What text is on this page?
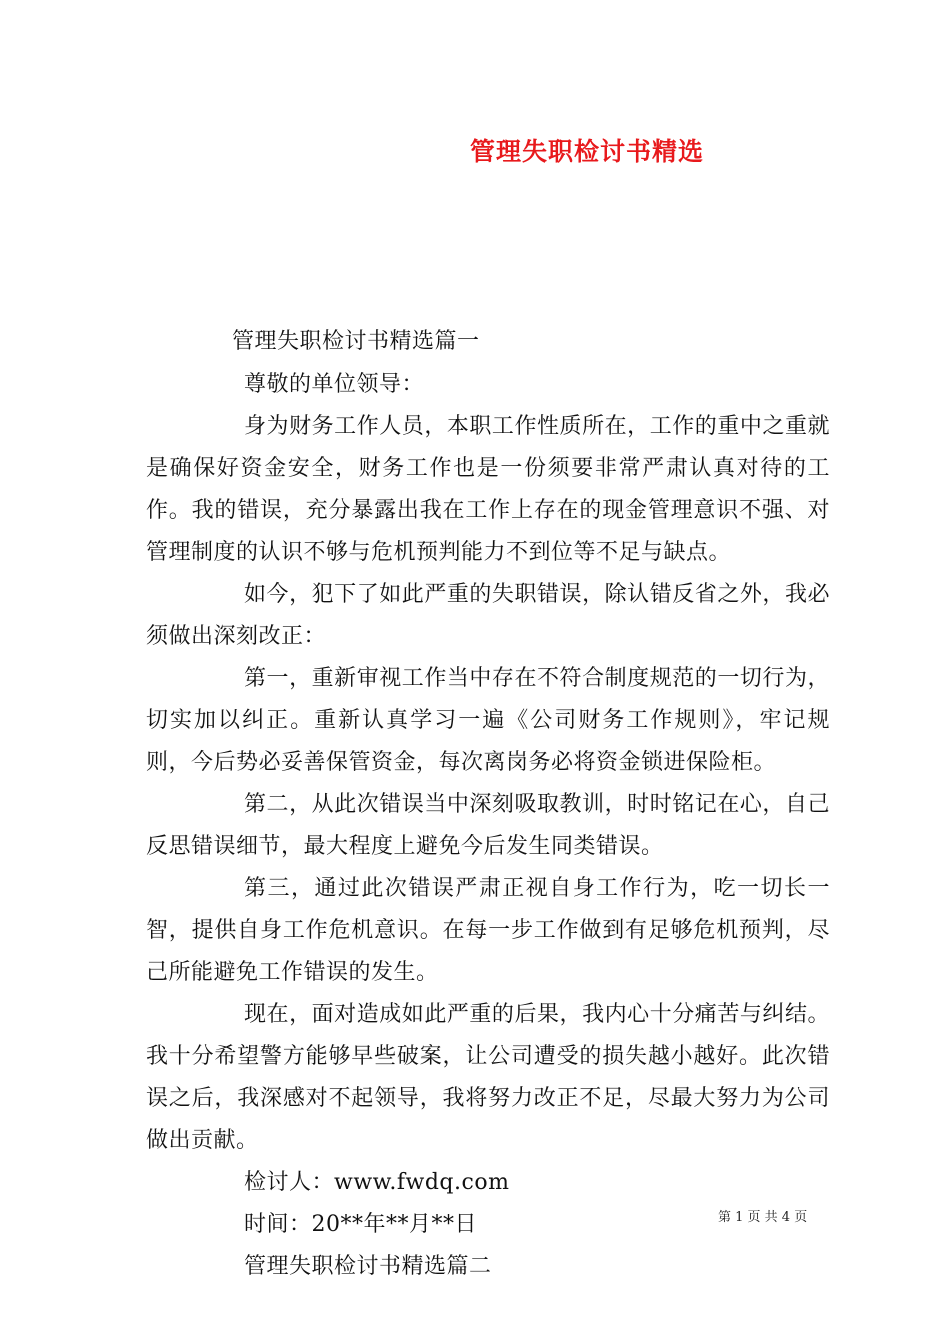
管理失职检讨书精选
管理失职检讨书精选篇一

尊敬的单位领导：

身为财务工作人员，本职工作性质所在，工作的重中之重就是确保好资金安全，财务工作也是一份须要非常严肃认真对待的工作。我的错误，充分暴露出我在工作上存在的现金管理意识不强、对管理制度的认识不够与危机预判能力不到位等不足与缺点。

如今，犯下了如此严重的失职错误，除认错反省之外，我必须做出深刻改正：

第一，重新审视工作当中存在不符合制度规范的一切行为，切实加以纠正。重新认真学习一遍《公司财务工作规则》，牢记规则，今后势必妥善保管资金，每次离岗务必将资金锁进保险柜。

第二，从此次错误当中深刻吸取教训，时时铭记在心，自己反思错误细节，最大程度上避免今后发生同类错误。

第三，通过此次错误严肃正视自身工作行为，吃一切长一智，提供自身工作危机意识。在每一步工作做到有足够危机预判，尽己所能避免工作错误的发生。

现在，面对造成如此严重的后果，我内心十分痛苦与纠结。我十分希望警方能够早些破案，让公司遭受的损失越小越好。此次错误之后，我深感对不起领导，我将努力改正不足，尽最大努力为公司做出贡献。

检讨人：www.fwdq.com

时间：20**年**月**日

管理失职检讨书精选篇二

第 1 页 共 4 页
